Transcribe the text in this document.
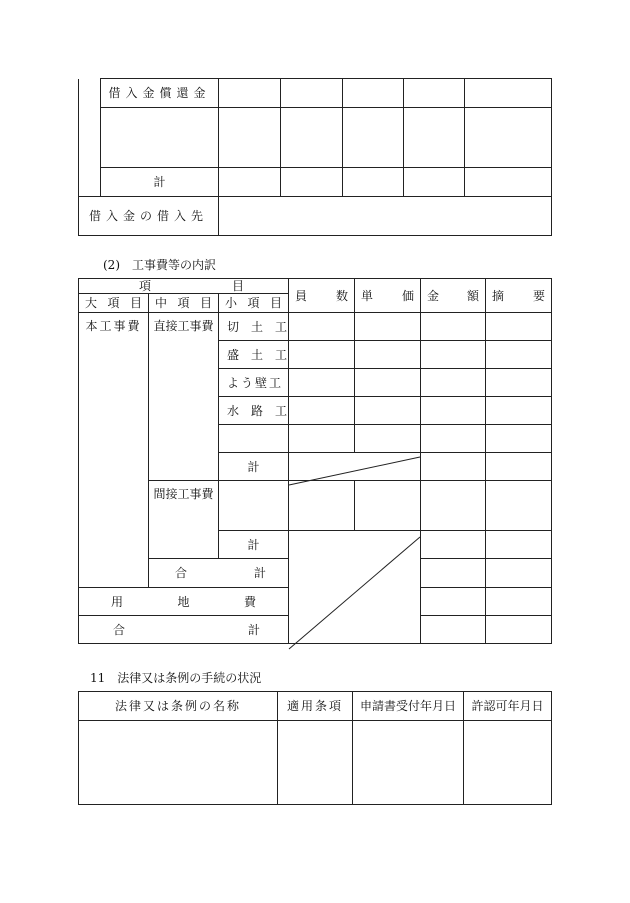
	借入金償還金					

	計					
借入金の借入先						
(2)　工事費等の内訳
項 目			員 数	単 価	金 額	摘 要

大 項 目	中 項 目	小 項 目				

本工事費	直接工事費	切　土　工				
		盛　土　工				
		よう壁工				
		水　路　工				

		計				
	間接工事費					
		計				

	合 計					

用 地 費						

合 計						

11　法律又は条例の手続の状況
法律又は条例の名称	適用条項	申請書受付年月日	許認可年月日
